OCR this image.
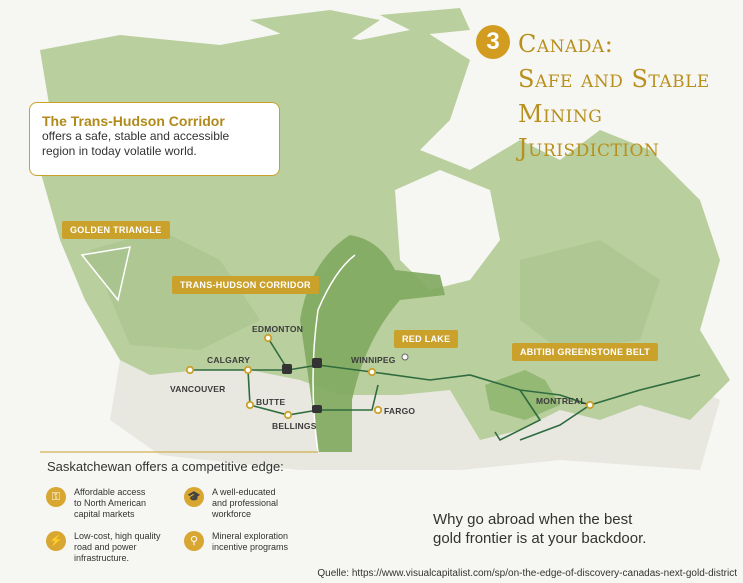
3 Canada:
Safe and Stable
Mining
Jurisdiction
The Trans-Hudson Corridor
offers a safe, stable and accessible
region in today volatile world.
GOLDEN TRIANGLE
TRANS-HUDSON CORRIDOR
RED LAKE
ABITIBI GREENSTONE BELT
EDMONTON
CALGARY	WINNIPEG
VANCOUVER
BUTTE
BELLINGS
FARGO
MONTREAL
Saskatchewan offers a competitive edge:
⚿	Affordable access
to North American
capital markets
🎓	A well-educated
and professional
workforce
⚡	Low-cost, high quality
road and power
infrastructure.
⚲	Mineral exploration
incentive programs
Why go abroad when the best
gold frontier is at your backdoor.
Quelle: https://www.visualcapitalist.com/sp/on-the-edge-of-discovery-canadas-next-gold-district
